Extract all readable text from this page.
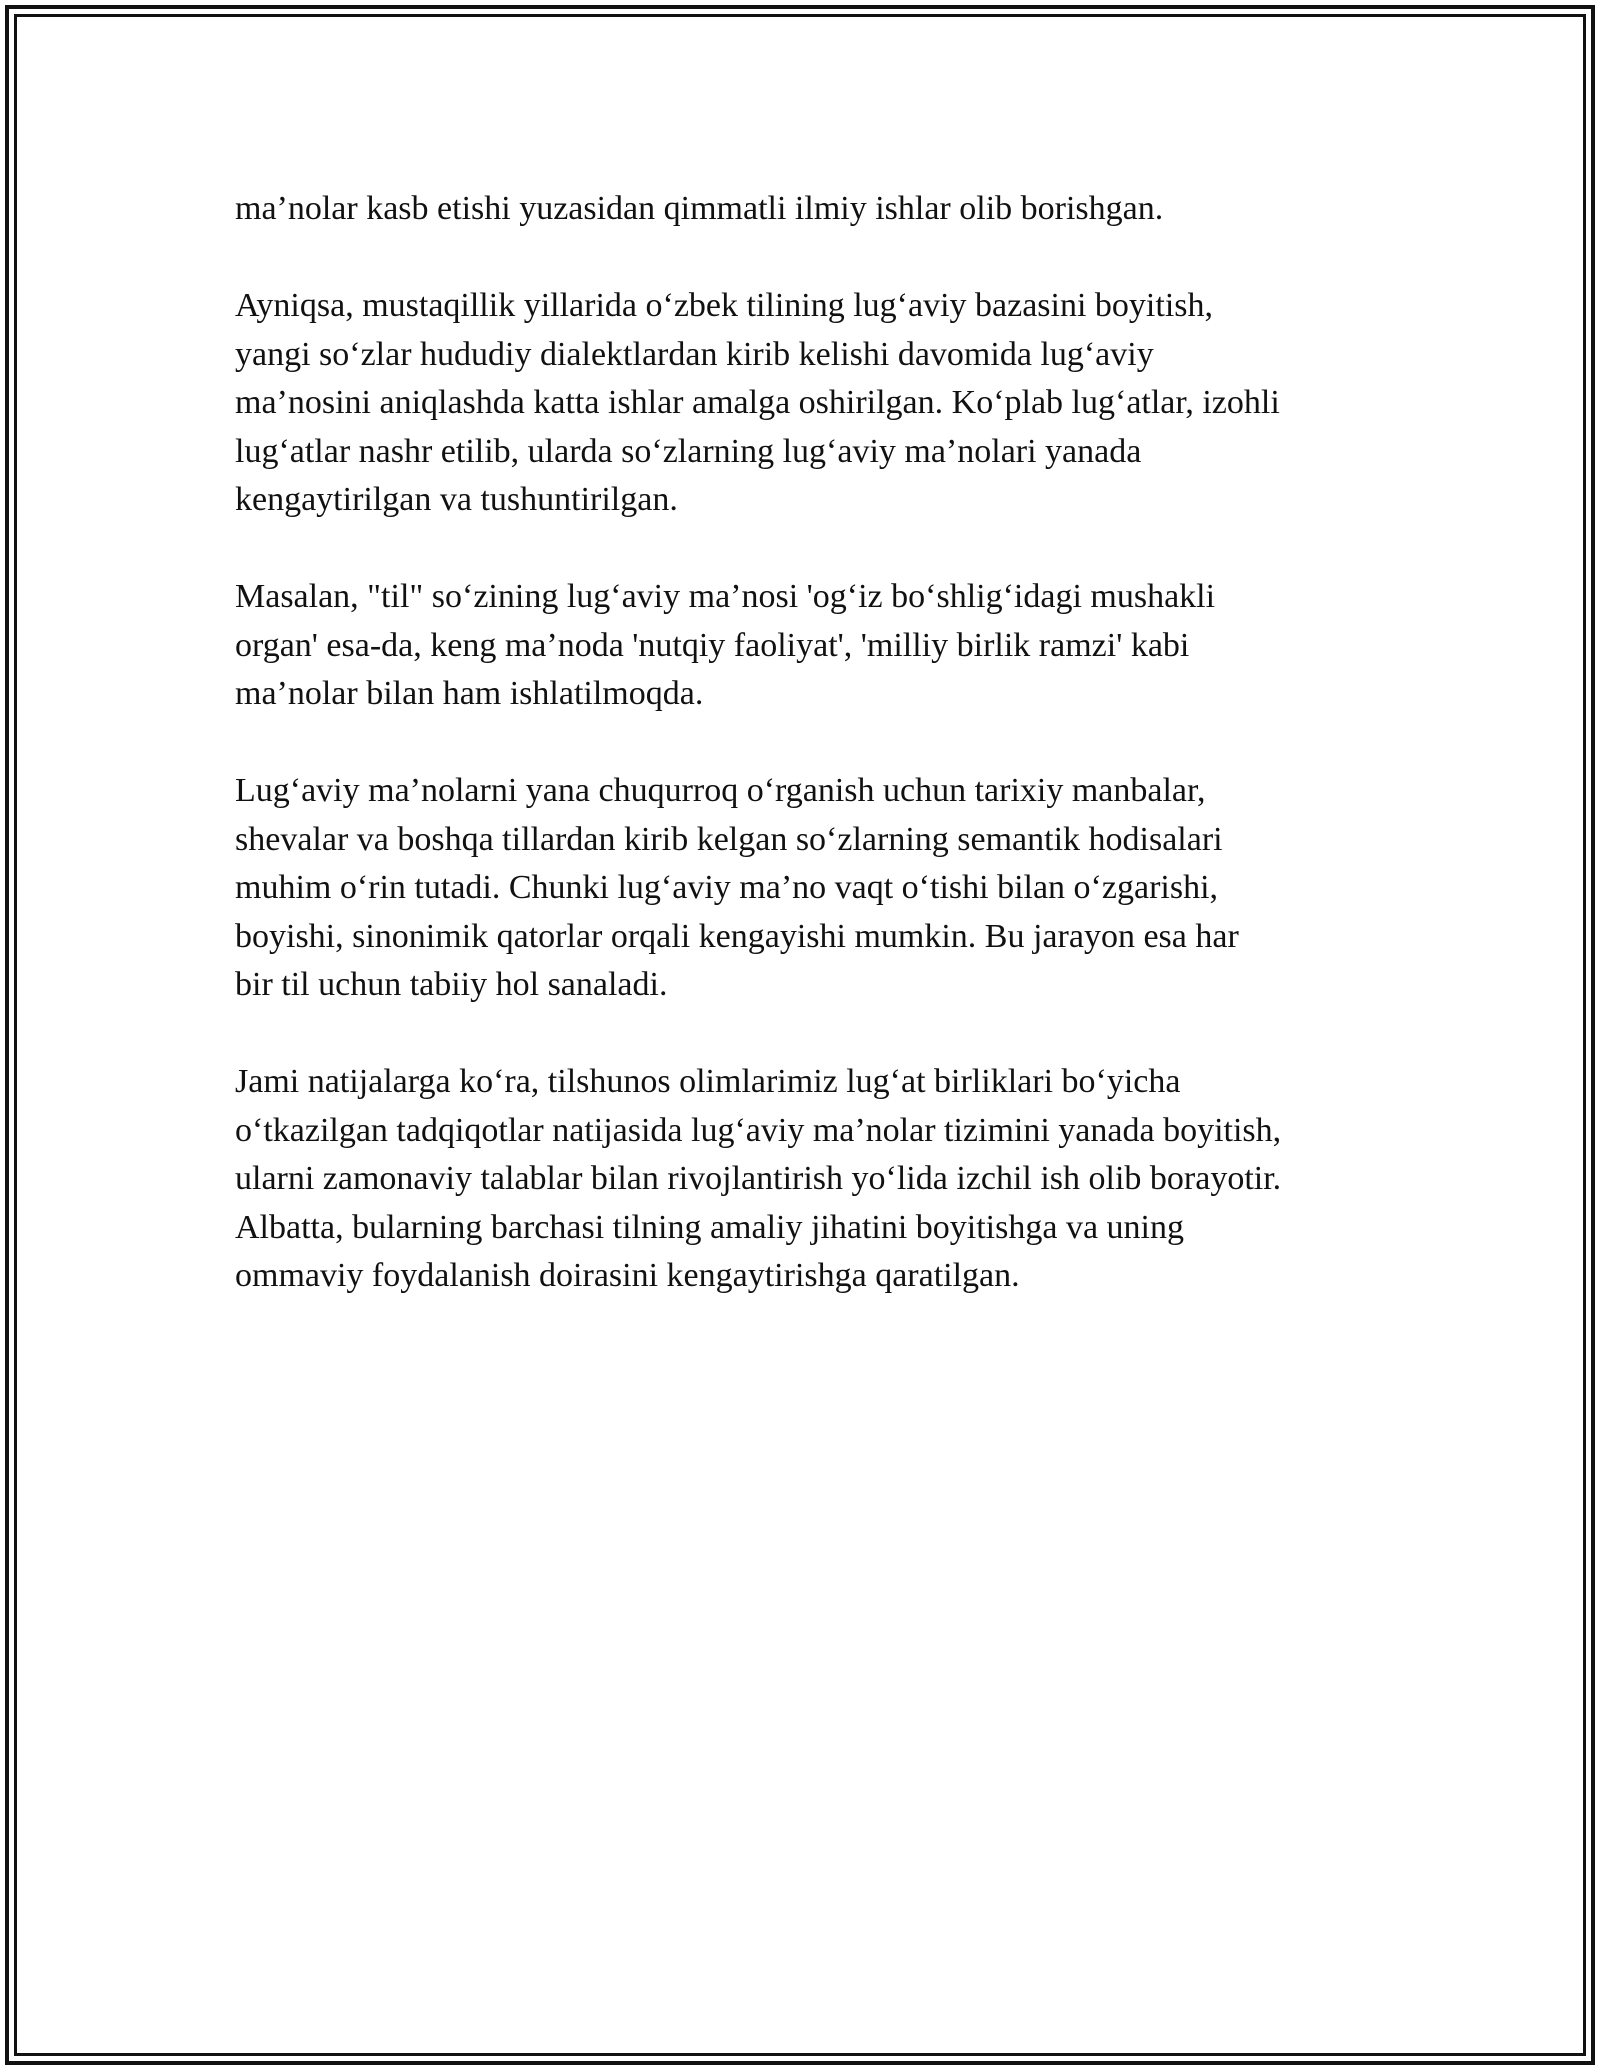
ma’nolar kasb etishi yuzasidan qimmatli ilmiy ishlar olib borishgan.

Ayniqsa, mustaqillik yillarida o‘zbek tilining lug‘aviy bazasini boyitish,
yangi so‘zlar hududiy dialektlardan kirib kelishi davomida lug‘aviy
ma’nosini aniqlashda katta ishlar amalga oshirilgan. Ko‘plab lug‘atlar, izohli
lug‘atlar nashr etilib, ularda so‘zlarning lug‘aviy ma’nolari yanada
kengaytirilgan va tushuntirilgan.

Masalan, "til" so‘zining lug‘aviy ma’nosi 'og‘iz bo‘shlig‘idagi mushakli
organ' esa-da, keng ma’noda 'nutqiy faoliyat', 'milliy birlik ramzi' kabi
ma’nolar bilan ham ishlatilmoqda.

Lug‘aviy ma’nolarni yana chuqurroq o‘rganish uchun tarixiy manbalar,
shevalar va boshqa tillardan kirib kelgan so‘zlarning semantik hodisalari
muhim o‘rin tutadi. Chunki lug‘aviy ma’no vaqt o‘tishi bilan o‘zgarishi,
boyishi, sinonimik qatorlar orqali kengayishi mumkin. Bu jarayon esa har
bir til uchun tabiiy hol sanaladi.

Jami natijalarga ko‘ra, tilshunos olimlarimiz lug‘at birliklari bo‘yicha
o‘tkazilgan tadqiqotlar natijasida lug‘aviy ma’nolar tizimini yanada boyitish,
ularni zamonaviy talablar bilan rivojlantirish yo‘lida izchil ish olib borayotir.
Albatta, bularning barchasi tilning amaliy jihatini boyitishga va uning
ommaviy foydalanish doirasini kengaytirishga qaratilgan.
